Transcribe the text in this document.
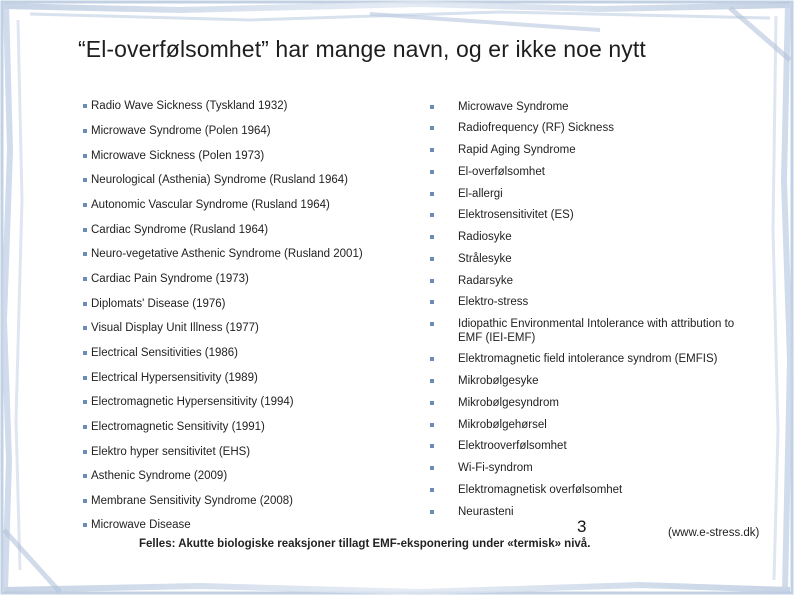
“El-overfølsomhet” har mange navn, og er ikke noe nytt
Radio Wave Sickness (Tyskland 1932)
Microwave Syndrome (Polen 1964)
Microwave Sickness (Polen 1973)
Neurological (Asthenia) Syndrome (Rusland 1964)
Autonomic Vascular Syndrome (Rusland 1964)
Cardiac Syndrome (Rusland 1964)
Neuro-vegetative Asthenic Syndrome (Rusland 2001)
Cardiac Pain Syndrome (1973)
Diplomats' Disease (1976)
Visual Display Unit Illness (1977)
Electrical Sensitivities (1986)
Electrical Hypersensitivity (1989)
Electromagnetic Hypersensitivity (1994)
Electromagnetic Sensitivity (1991)
Elektro hyper sensitivitet (EHS)
Asthenic Syndrome (2009)
Membrane Sensitivity Syndrome (2008)
Microwave Disease
Microwave Syndrome
Radiofrequency (RF) Sickness
Rapid Aging Syndrome
El-overfølsomhet
El-allergi
Elektrosensitivitet (ES)
Radiosyke
Strålesyke
Radarsyke
Elektro-stress
Idiopathic Environmental Intolerance with attribution to EMF (IEI-EMF)
Elektromagnetic field intolerance syndrom (EMFIS)
Mikrobølgesyke
Mikrobølgesyndrom
Mikrobølgehørsel
Elektrooverfølsomhet
Wi-Fi-syndrom
Elektromagnetisk overfølsomhet
Neurasteni
3
Felles: Akutte biologiske reaksjoner tillagt EMF-eksponering under «termisk» nivå.
(www.e-stress.dk)
